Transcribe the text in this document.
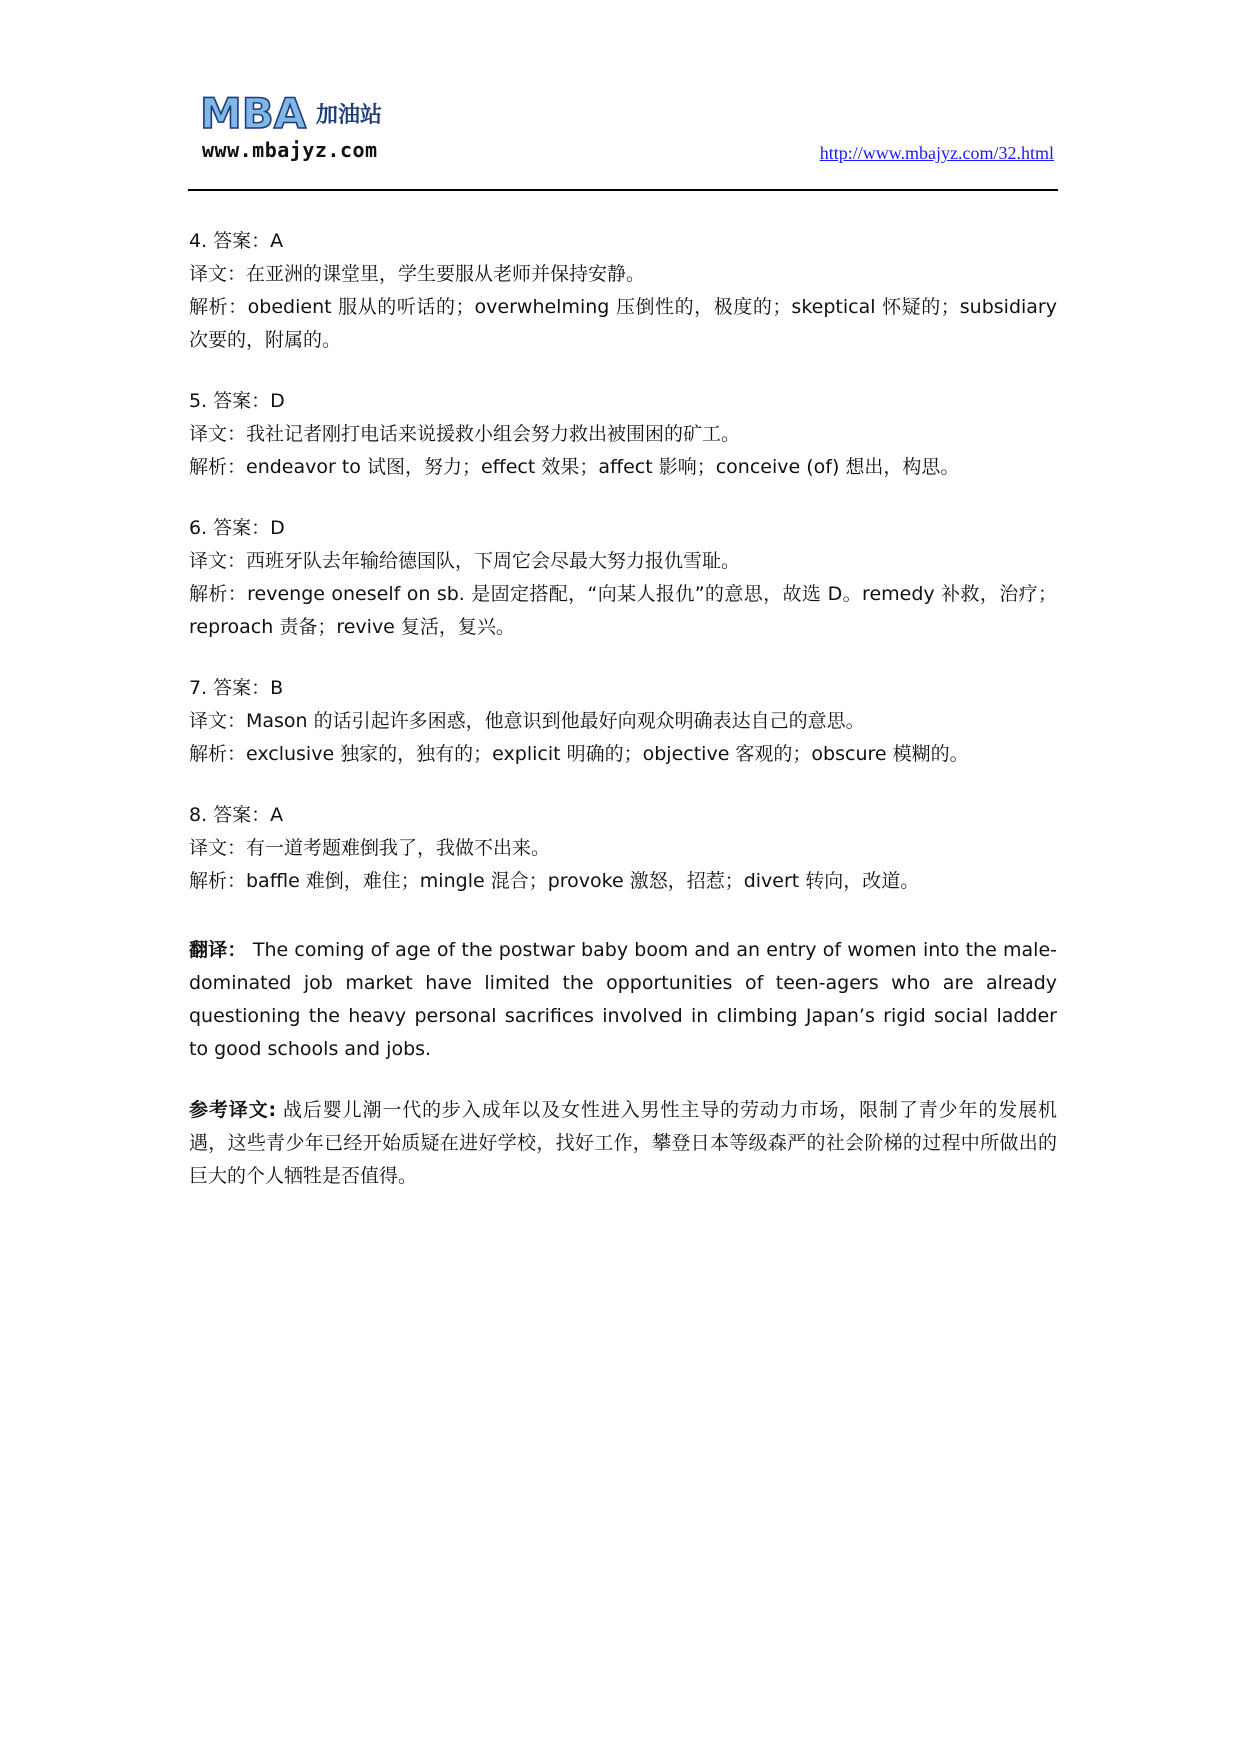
MBA 加油站
www.mbajyz.com	http://www.mbajyz.com/32.html
4. 答案：A
译文：在亚洲的课堂里，学生要服从老师并保持安静。
解析：obedient 服从的听话的；overwhelming 压倒性的，极度的；skeptical 怀疑的；subsidiary 次要的，附属的。
5. 答案：D
译文：我社记者刚打电话来说援救小组会努力救出被围困的矿工。
解析：endeavor to 试图，努力；effect 效果；affect 影响；conceive (of) 想出，构思。
6. 答案：D
译文：西班牙队去年输给德国队，下周它会尽最大努力报仇雪耻。
解析：revenge oneself on sb. 是固定搭配，“向某人报仇”的意思，故选 D。remedy 补救，治疗；reproach 责备；revive 复活，复兴。
7. 答案：B
译文：Mason 的话引起许多困惑，他意识到他最好向观众明确表达自己的意思。
解析：exclusive 独家的，独有的；explicit 明确的；objective 客观的；obscure 模糊的。
8. 答案：A
译文：有一道考题难倒我了，我做不出来。
解析：baffle 难倒，难住；mingle 混合；provoke 激怒，招惹；divert 转向，改道。
翻译： The coming of age of the postwar baby boom and an entry of women into the male-dominated job market have limited the opportunities of teen-agers who are already questioning the heavy personal sacrifices involved in climbing Japan’s rigid social ladder to good schools and jobs.
参考译文: 战后婴儿潮一代的步入成年以及女性进入男性主导的劳动力市场，限制了青少年的发展机遇，这些青少年已经开始质疑在进好学校，找好工作，攀登日本等级森严的社会阶梯的过程中所做出的巨大的个人牺牲是否值得。
